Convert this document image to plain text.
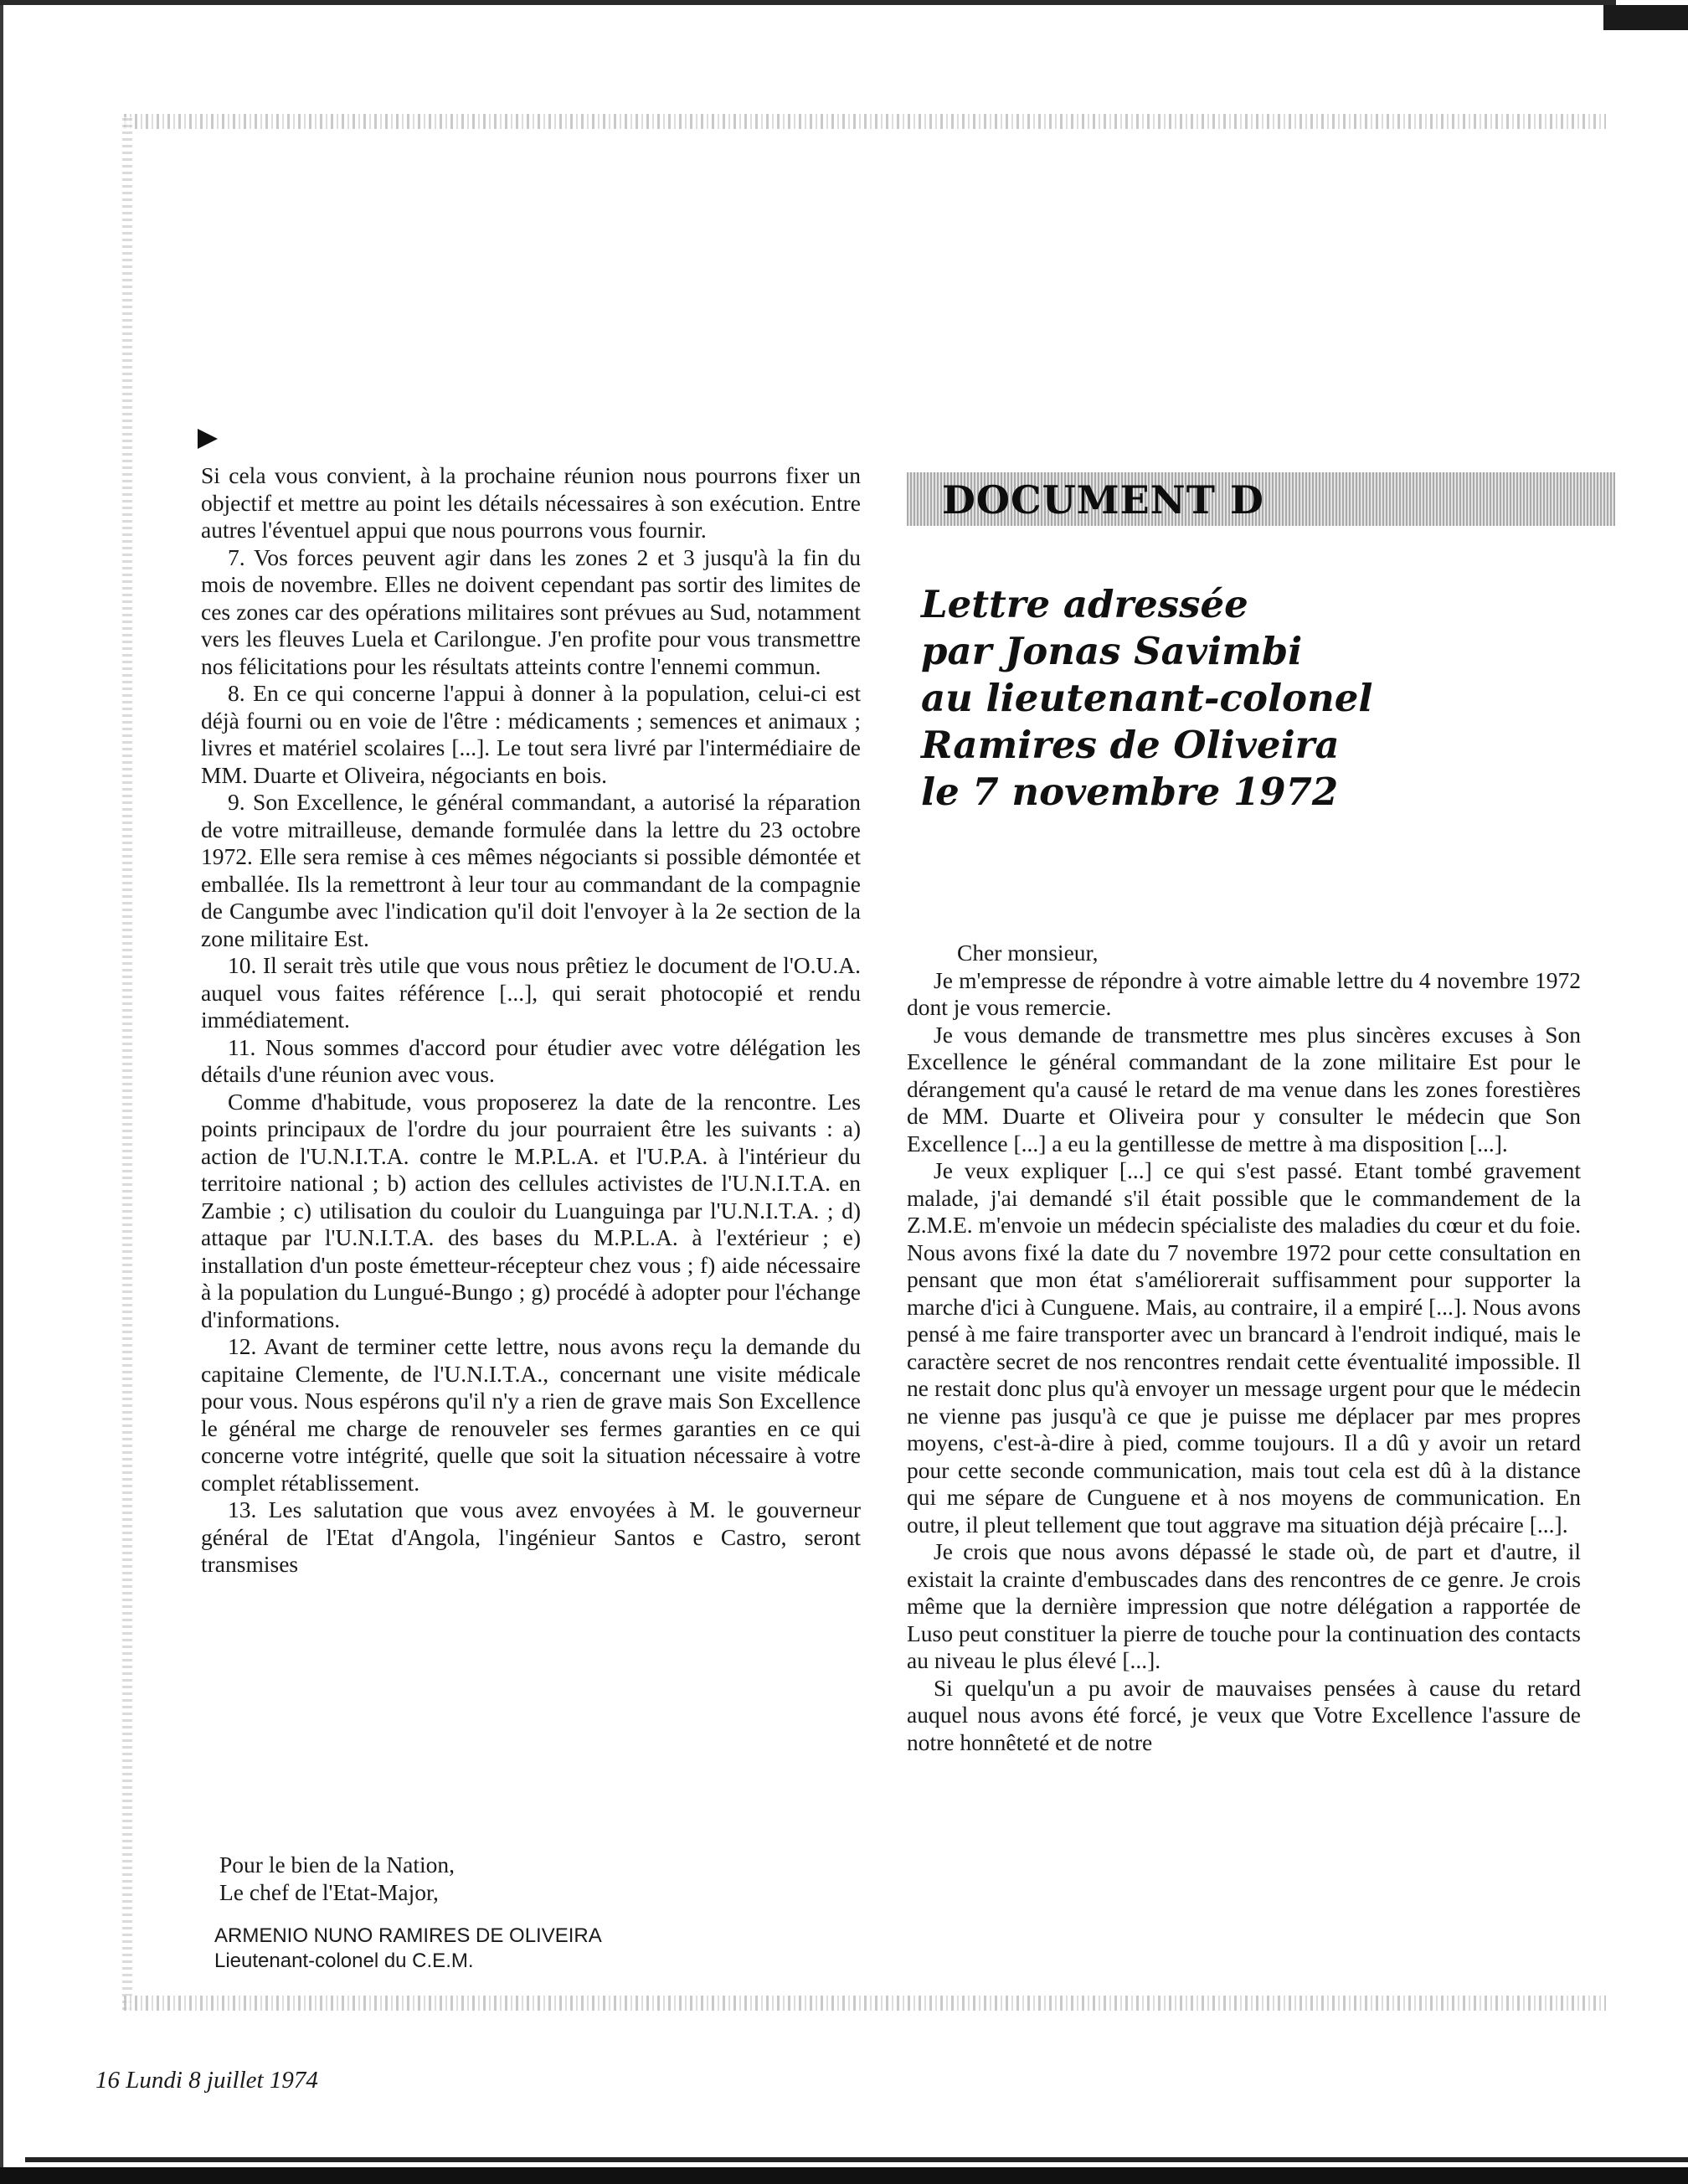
Si cela vous convient, à la prochaine réunion nous pourrons fixer un objectif et mettre au point les détails nécessaires à son exécution. Entre autres l'éventuel appui que nous pourrons vous fournir.

7. Vos forces peuvent agir dans les zones 2 et 3 jusqu'à la fin du mois de novembre. Elles ne doivent cependant pas sortir des limites de ces zones car des opérations militaires sont prévues au Sud, notamment vers les fleuves Luela et Carilongue. J'en profite pour vous transmettre nos félicitations pour les résultats atteints contre l'ennemi commun.

8. En ce qui concerne l'appui à donner à la population, celui-ci est déjà fourni ou en voie de l'être : médicaments ; semences et animaux ; livres et matériel scolaires [...]. Le tout sera livré par l'intermédiaire de MM. Duarte et Oliveira, négociants en bois.

9. Son Excellence, le général commandant, a autorisé la réparation de votre mitrailleuse, demande formulée dans la lettre du 23 octobre 1972. Elle sera remise à ces mêmes négociants si possible démontée et emballée. Ils la remettront à leur tour au commandant de la compagnie de Cangumbe avec l'indication qu'il doit l'envoyer à la 2e section de la zone militaire Est.

10. Il serait très utile que vous nous prêtiez le document de l'O.U.A. auquel vous faites référence [...], qui serait photocopié et rendu immédiatement.

11. Nous sommes d'accord pour étudier avec votre délégation les détails d'une réunion avec vous.

Comme d'habitude, vous proposerez la date de la rencontre. Les points principaux de l'ordre du jour pourraient être les suivants : a) action de l'U.N.I.T.A. contre le M.P.L.A. et l'U.P.A. à l'intérieur du territoire national ; b) action des cellules activistes de l'U.N.I.T.A. en Zambie ; c) utilisation du couloir du Luanguinga par l'U.N.I.T.A. ; d) attaque par l'U.N.I.T.A. des bases du M.P.L.A. à l'extérieur ; e) installation d'un poste émetteur-récepteur chez vous ; f) aide nécessaire à la population du Lungué-Bungo ; g) procédé à adopter pour l'échange d'informations.

12. Avant de terminer cette lettre, nous avons reçu la demande du capitaine Clemente, de l'U.N.I.T.A., concernant une visite médicale pour vous. Nous espérons qu'il n'y a rien de grave mais Son Excellence le général me charge de renouveler ses fermes garanties en ce qui concerne votre intégrité, quelle que soit la situation nécessaire à votre complet rétablissement.

13. Les salutation que vous avez envoyées à M. le gouverneur général de l'Etat d'Angola, l'ingénieur Santos e Castro, seront transmises

Pour le bien de la Nation,
Le chef de l'Etat-Major,
ARMENIO NUNO RAMIRES DE OLIVEIRA
Lieutenant-colonel du C.E.M.
DOCUMENT D
Lettre adressée
par Jonas Savimbi
au lieutenant-colonel
Ramires de Oliveira
le 7 novembre 1972

Cher monsieur,

Je m'empresse de répondre à votre aimable lettre du 4 novembre 1972 dont je vous remercie.

Je vous demande de transmettre mes plus sincères excuses à Son Excellence le général commandant de la zone militaire Est pour le dérangement qu'a causé le retard de ma venue dans les zones forestières de MM. Duarte et Oliveira pour y consulter le médecin que Son Excellence [...] a eu la gentillesse de mettre à ma disposition [...].

Je veux expliquer [...] ce qui s'est passé. Etant tombé gravement malade, j'ai demandé s'il était possible que le commandement de la Z.M.E. m'envoie un médecin spécialiste des maladies du cœur et du foie. Nous avons fixé la date du 7 novembre 1972 pour cette consultation en pensant que mon état s'améliorerait suffisamment pour supporter la marche d'ici à Cunguene. Mais, au contraire, il a empiré [...]. Nous avons pensé à me faire transporter avec un brancard à l'endroit indiqué, mais le caractère secret de nos rencontres rendait cette éventualité impossible. Il ne restait donc plus qu'à envoyer un message urgent pour que le médecin ne vienne pas jusqu'à ce que je puisse me déplacer par mes propres moyens, c'est-à-dire à pied, comme toujours. Il a dû y avoir un retard pour cette seconde communication, mais tout cela est dû à la distance qui me sépare de Cunguene et à nos moyens de communication. En outre, il pleut tellement que tout aggrave ma situation déjà précaire [...].

Je crois que nous avons dépassé le stade où, de part et d'autre, il existait la crainte d'embuscades dans des rencontres de ce genre. Je crois même que la dernière impression que notre délégation a rapportée de Luso peut constituer la pierre de touche pour la continuation des contacts au niveau le plus élevé [...].

Si quelqu'un a pu avoir de mauvaises pensées à cause du retard auquel nous avons été forcé, je veux que Votre Excellence l'assure de notre honnêteté et de notre

16 Lundi 8 juillet 1974
